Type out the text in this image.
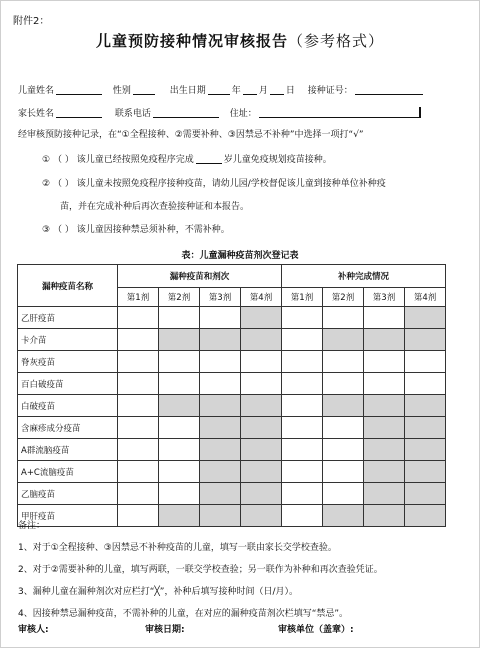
附件2：
儿童预防接种情况审核报告（参考格式）
儿童姓名	性别	出生日期	年 月 日 接种证号：
家长姓名	联系电话	住址：
经审核预防接种记录，在“①全程接种、②需要补种、③因禁忌不补种”中选择一项打“√”
① （ ） 该儿童已经按照免疫程序完成	岁儿童免疫规划疫苗接种。
② （ ） 该儿童未按照免疫程序接种疫苗，请幼儿园/学校督促该儿童到接种单位补种疫
苗，并在完成补种后再次查验接种证和本报告。
③ （ ） 该儿童因接种禁忌须补种，不需补种。
表：儿童漏种疫苗剂次登记表
漏种疫苗名称	漏种疫苗和剂次				补种完成情况			
	第1剂	第2剂	第3剂	第4剂	第1剂	第2剂	第3剂	第4剂
乙肝疫苗								
卡介苗								
脊灰疫苗								
百白破疫苗								
白破疫苗								
含麻疹成分疫苗								
A群流脑疫苗								
A+C流脑疫苗								
乙脑疫苗								
甲肝疫苗								
备注：
1、对于①全程接种、③因禁忌不补种疫苗的儿童，填写一联由家长交学校查验。
2、对于②需要补种的儿童，填写两联，一联交学校查验；另一联作为补种和再次查验凭证。
3、漏种儿童在漏种剂次对应栏打“╳”，补种后填写接种时间（日/月）。
4、因接种禁忌漏种疫苗，不需补种的儿童，在对应的漏种疫苗剂次栏填写“禁忌”。
审核人:	审核日期:	审核单位（盖章）:
